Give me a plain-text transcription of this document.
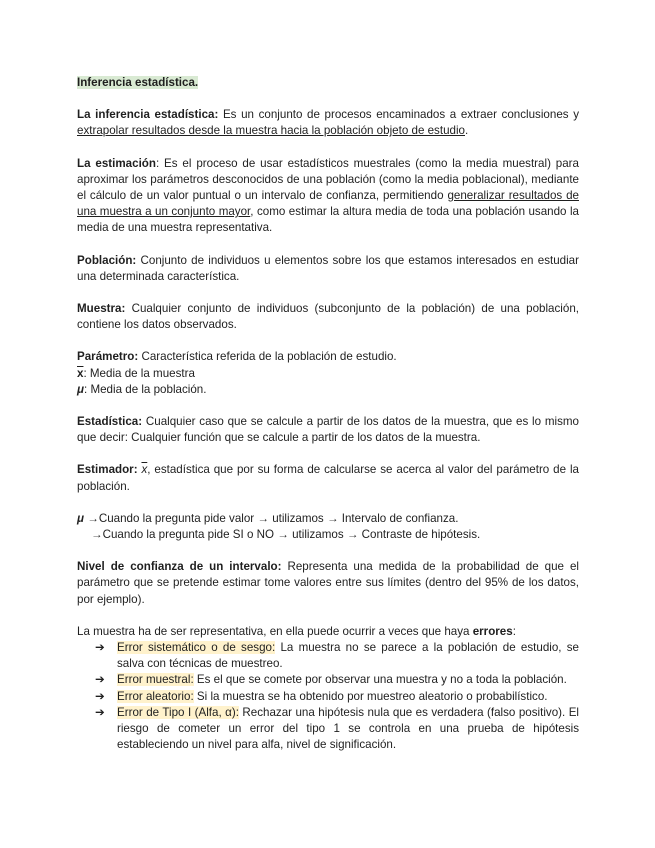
Inferencia estadística.

La inferencia estadística: Es un conjunto de procesos encaminados a extraer conclusiones y extrapolar resultados desde la muestra hacia la población objeto de estudio.

La estimación: Es el proceso de usar estadísticos muestrales (como la media muestral) para aproximar los parámetros desconocidos de una población (como la media poblacional), mediante el cálculo de un valor puntual o un intervalo de confianza, permitiendo generalizar resultados de una muestra a un conjunto mayor, como estimar la altura media de toda una población usando la media de una muestra representativa.

Población: Conjunto de individuos u elementos sobre los que estamos interesados en estudiar una determinada característica.

Muestra: Cualquier conjunto de individuos (subconjunto de la población) de una población, contiene los datos observados.

Parámetro: Característica referida de la población de estudio.

$\overline{x}$: Media de la muestra

μ: Media de la población.

Estadística: Cualquier caso que se calcule a partir de los datos de la muestra, que es lo mismo que decir: Cualquier función que se calcule a partir de los datos de la muestra.

Estimador: $\overline{x}$, estadística que por su forma de calcularse se acerca al valor del parámetro de la población.

μ →Cuando la pregunta pide valor → utilizamos → Intervalo de confianza.

→Cuando la pregunta pide SI o NO → utilizamos → Contraste de hipótesis.

Nivel de confianza de un intervalo: Representa una medida de la probabilidad de que el parámetro que se pretende estimar tome valores entre sus límites (dentro del 95% de los datos, por ejemplo).

La muestra ha de ser representativa, en ella puede ocurrir a veces que haya errores:

➔ Error sistemático o de sesgo: La muestra no se parece a la población de estudio, se salva con técnicas de muestreo.
➔ Error muestral: Es el que se comete por observar una muestra y no a toda la población.
➔ Error aleatorio: Si la muestra se ha obtenido por muestreo aleatorio o probabilístico.
➔ Error de Tipo I (Alfa, α): Rechazar una hipótesis nula que es verdadera (falso positivo). El riesgo de cometer un error del tipo 1 se controla en una prueba de hipótesis estableciendo un nivel para alfa, nivel de significación.
